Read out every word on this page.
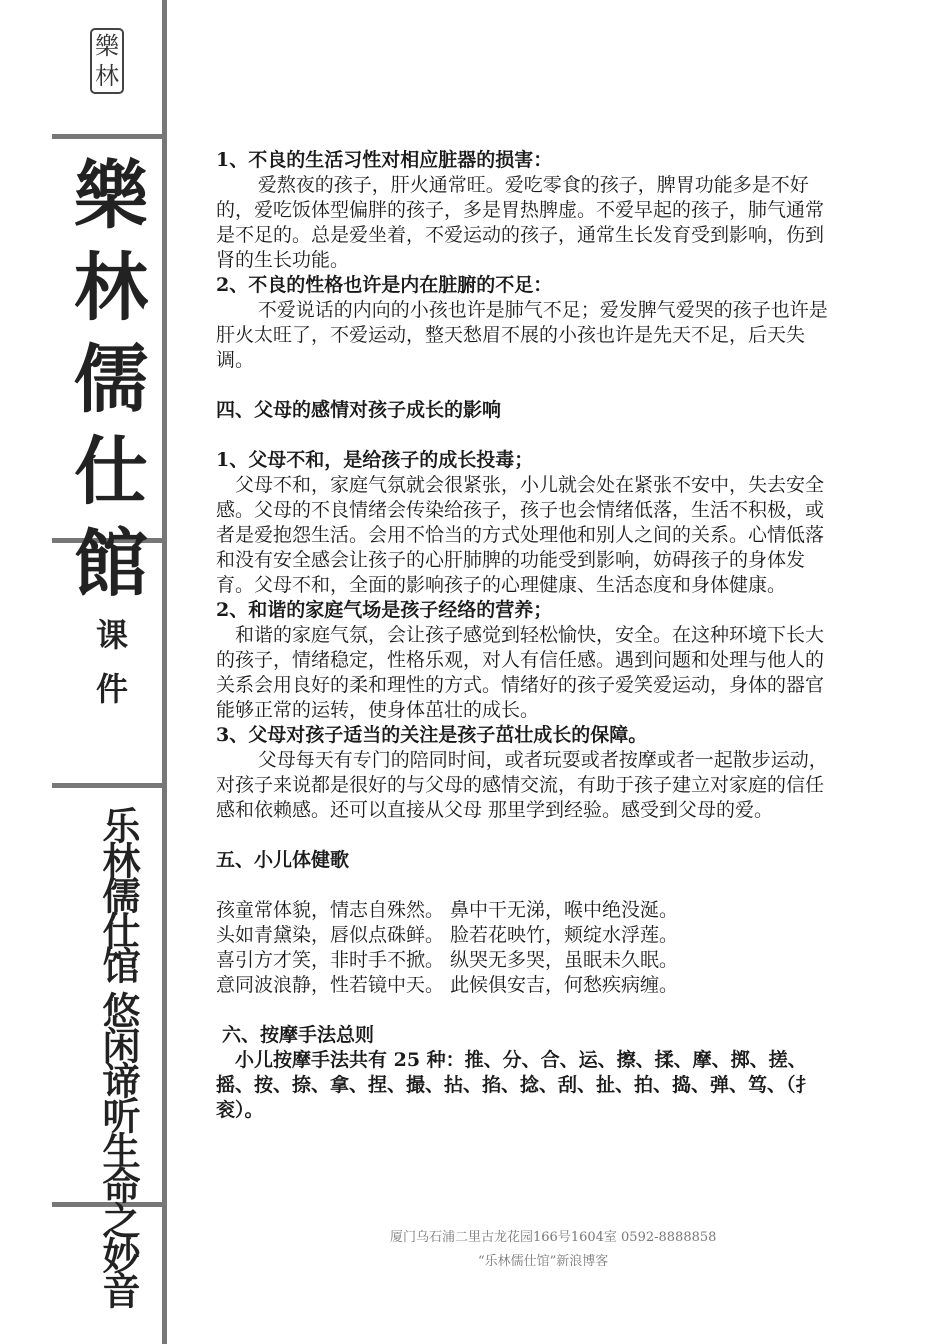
樂
林
樂
林
儒
仕
館
课
件
乐林儒仕馆 悠闲谛听生命之妙音

1、不良的生活习性对相应脏器的损害：

爱熬夜的孩子，肝火通常旺。爱吃零食的孩子，脾胃功能多是不好的，爱吃饭体型偏胖的孩子，多是胃热脾虚。不爱早起的孩子，肺气通常是不足的。总是爱坐着，不爱运动的孩子，通常生长发育受到影响，伤到肾的生长功能。

2、不良的性格也许是内在脏腑的不足：

不爱说话的内向的小孩也许是肺气不足；爱发脾气爱哭的孩子也许是肝火太旺了，不爱运动，整天愁眉不展的小孩也许是先天不足，后天失调。

四、父母的感情对孩子成长的影响

1、父母不和，是给孩子的成长投毒；

父母不和，家庭气氛就会很紧张，小儿就会处在紧张不安中，失去安全感。父母的不良情绪会传染给孩子，孩子也会情绪低落，生活不积极，或者是爱抱怨生活。会用不恰当的方式处理他和别人之间的关系。心情低落和没有安全感会让孩子的心肝肺脾的功能受到影响，妨碍孩子的身体发育。父母不和，全面的影响孩子的心理健康、生活态度和身体健康。

2、和谐的家庭气场是孩子经络的营养；

和谐的家庭气氛，会让孩子感觉到轻松愉快，安全。在这种环境下长大的孩子，情绪稳定，性格乐观，对人有信任感。遇到问题和处理与他人的关系会用良好的柔和理性的方式。情绪好的孩子爱笑爱运动，身体的器官能够正常的运转，使身体茁壮的成长。

3、父母对孩子适当的关注是孩子茁壮成长的保障。

父母每天有专门的陪同时间，或者玩耍或者按摩或者一起散步运动，对孩子来说都是很好的与父母的感情交流，有助于孩子建立对家庭的信任感和依赖感。还可以直接从父母 那里学到经验。感受到父母的爱。

五、小儿体健歌

孩童常体貌，情志自殊然。 鼻中干无涕，喉中绝没涎。

头如青黛染，唇似点硃鲜。 脸若花映竹，颊绽水浮莲。

喜引方才笑，非时手不掀。 纵哭无多哭，虽眠未久眠。

意同波浪静，性若镜中天。 此候俱安吉，何愁疾病缠。

六、按摩手法总则

小儿按摩手法共有 25 种：推、分、合、运、擦、揉、摩、掷、搓、摇、按、捺、拿、捏、撮、拈、掐、捻、刮、扯、拍、捣、弹、笃、（扌衮）。

厦门乌石浦二里古龙花园166号1604室 0592-8888858
“乐林儒仕馆”新浪博客
